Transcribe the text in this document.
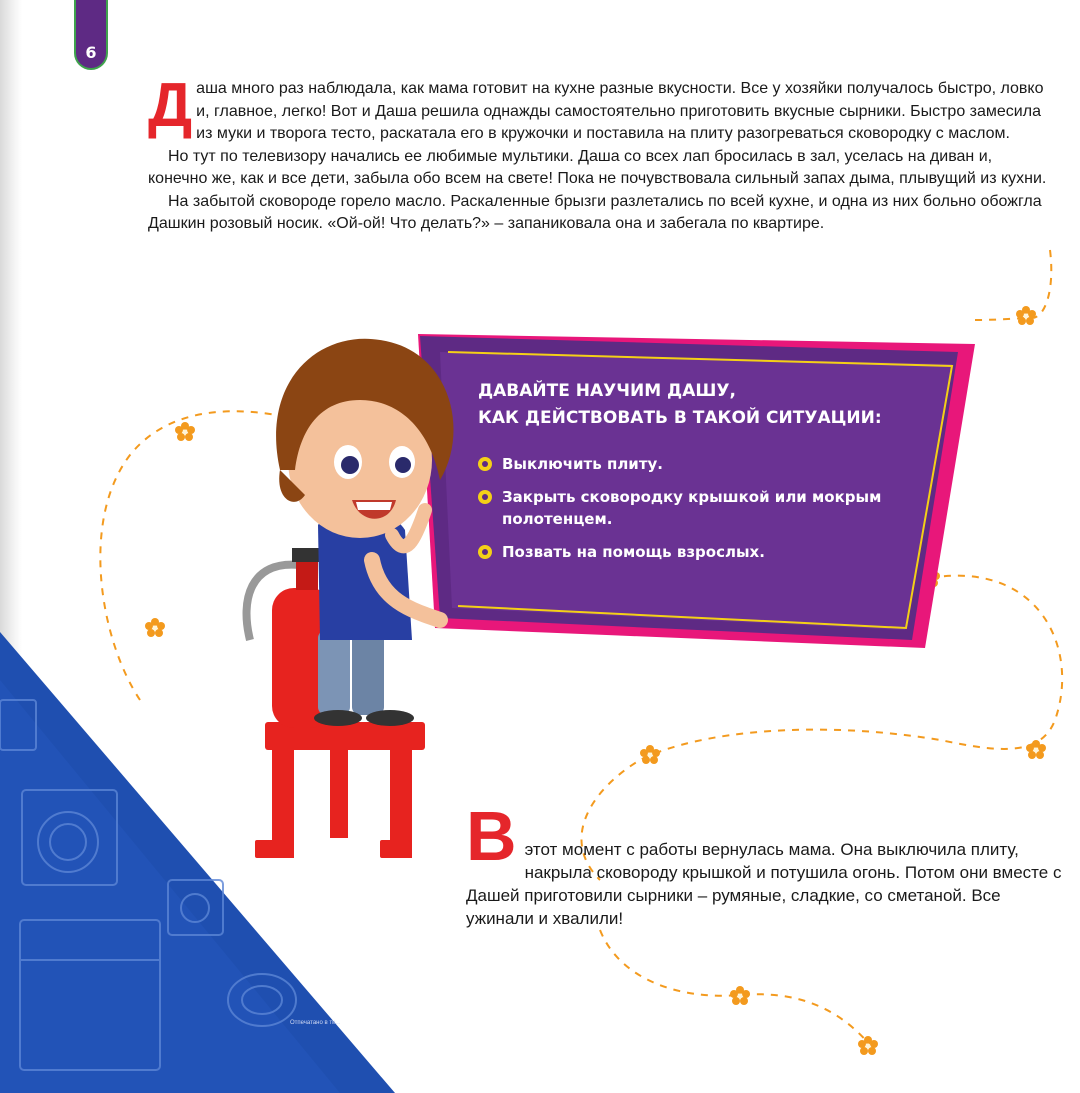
6
Д аша много раз наблюдала, как мама готовит на кухне разные вкусности. Все у хозяйки получалось быстро, ловко и, главное, легко! Вот и Даша решила однажды самостоятельно приготовить вкусные сырники. Быстро замесила из муки и творога тесто, раскатала его в кружочки и поставила на плиту разогреваться сковородку с маслом.

Но тут по телевизору начались ее любимые мультики. Даша со всех лап бросилась в зал, уселась на диван и, конечно же, как и все дети, забыла обо всем на свете! Пока не почувствовала сильный запах дыма, плывущий из кухни.

На забытой сковороде горело масло. Раскаленные брызги разлетались по всей кухне, и одна из них больно обожгла Дашкин розовый носик. «Ой-ой! Что делать?» – запаниковала она и забегала по квартире.

ДАВАЙТЕ НАУЧИМ ДАШУ,
КАК ДЕЙСТВОВАТЬ В ТАКОЙ СИТУАЦИИ:
Выключить плиту.
Закрыть сковородку крышкой или мокрым полотенцем.
Позвать на помощь взрослых.
В этот момент с работы вернулась мама. Она выключила плиту, накрыла сковороду крышкой и потушила огонь. Потом они вместе с Дашей приготовили сырники – румяные, сладкие, со сметаной. Все ужинали и хвалили!

Отпечатано в ти...
